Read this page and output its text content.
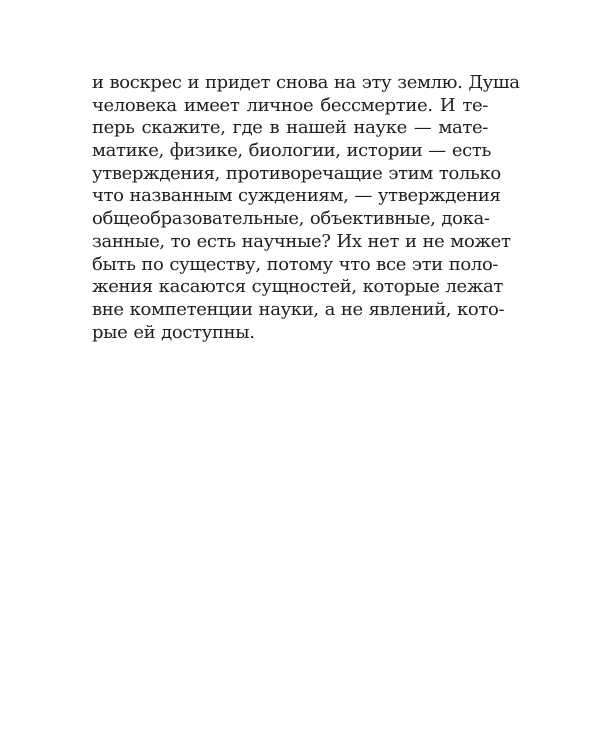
и воскрес и придет снова на эту землю. Душа
человека имеет личное бессмертие. И те-
перь скажите, где в нашей науке — мате-
матике, физике, биологии, истории — есть
утверждения, противоречащие этим только
что названным суждениям, — утверждения
общеобразовательные, объективные, дока-
занные, то есть научные? Их нет и не может
быть по существу, потому что все эти поло-
жения касаются сущностей, которые лежат
вне компетенции науки, а не явлений, кото-
рые ей доступны.
